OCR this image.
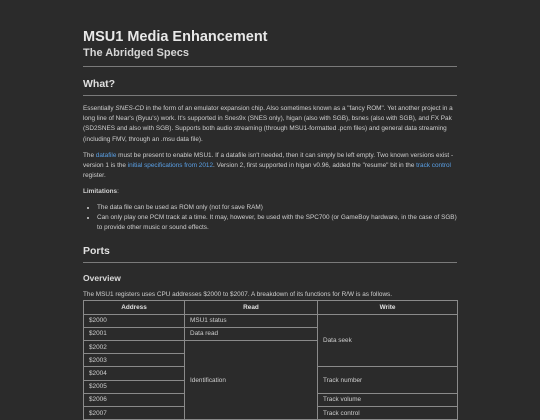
MSU1 Media Enhancement
The Abridged Specs
What?

Essentially SNES-CD in the form of an emulator expansion chip. Also sometimes known as a "fancy ROM". Yet another project in a long line of Near's (Byuu's) work. It's supported in Snes9x (SNES only), higan (also with SGB), bsnes (also with SGB), and FX Pak (SD2SNES and also with SGB). Supports both audio streaming (through MSU1-formatted .pcm files) and general data streaming (including FMV, through an .msu data file).

The datafile must be present to enable MSU1. If a datafile isn't needed, then it can simply be left empty. Two known versions exist - version 1 is the initial specifications from 2012. Version 2, first supported in higan v0.96, added the "resume" bit in the track control register.

Limitations:

• The data file can be used as ROM only (not for save RAM)
• Can only play one PCM track at a time. It may, however, be used with the SPC700 (or GameBoy hardware, in the case of SGB) to provide other music or sound effects.
Ports
Overview

The MSU1 registers uses CPU addresses $2000 to $2007. A breakdown of its functions for R/W is as follows.

Address	Read	Write
$2000	MSU1 status	Data seek
$2001	Data read	
$2002	Identification	
$2003		
$2004		Track number
$2005		
$2006		Track volume
$2007		Track control
